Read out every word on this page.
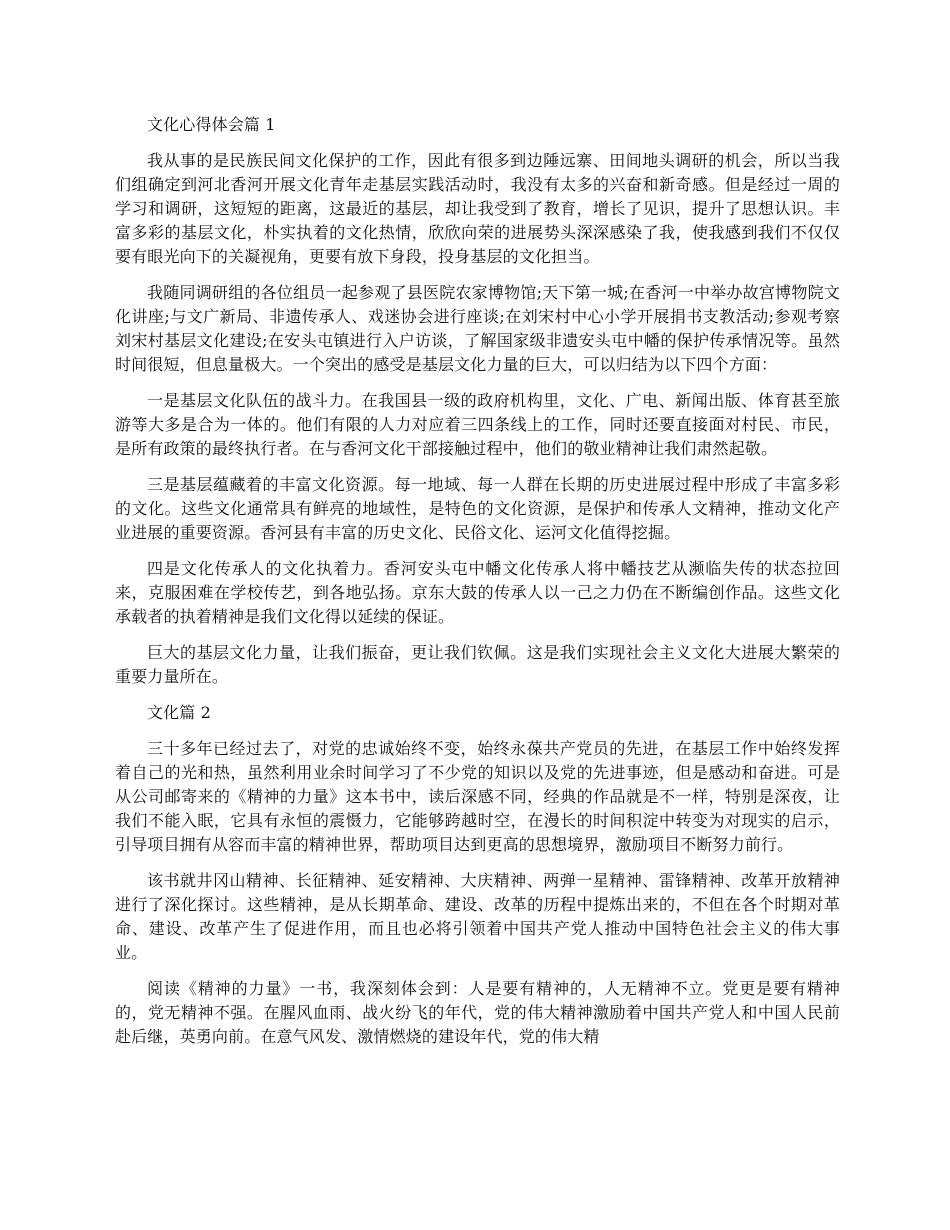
文化心得体会篇 1

我从事的是民族民间文化保护的工作，因此有很多到边陲远寨、田间地头调研的机会，所以当我们组确定到河北香河开展文化青年走基层实践活动时，我没有太多的兴奋和新奇感。但是经过一周的学习和调研，这短短的距离，这最近的基层，却让我受到了教育，增长了见识，提升了思想认识。丰富多彩的基层文化，朴实执着的文化热情，欣欣向荣的进展势头深深感染了我，使我感到我们不仅仅要有眼光向下的关凝视角，更要有放下身段，投身基层的文化担当。

我随同调研组的各位组员一起参观了县医院农家博物馆;天下第一城;在香河一中举办故宫博物院文化讲座;与文广新局、非遗传承人、戏迷协会进行座谈;在刘宋村中心小学开展捐书支教活动;参观考察刘宋村基层文化建设;在安头屯镇进行入户访谈，了解国家级非遗安头屯中幡的保护传承情况等。虽然时间很短，但息量极大。一个突出的感受是基层文化力量的巨大，可以归结为以下四个方面：

一是基层文化队伍的战斗力。在我国县一级的政府机构里，文化、广电、新闻出版、体育甚至旅游等大多是合为一体的。他们有限的人力对应着三四条线上的工作，同时还要直接面对村民、市民，是所有政策的最终执行者。在与香河文化干部接触过程中，他们的敬业精神让我们肃然起敬。

三是基层蕴藏着的丰富文化资源。每一地域、每一人群在长期的历史进展过程中形成了丰富多彩的文化。这些文化通常具有鲜亮的地域性，是特色的文化资源，是保护和传承人文精神，推动文化产业进展的重要资源。香河县有丰富的历史文化、民俗文化、运河文化值得挖掘。

四是文化传承人的文化执着力。香河安头屯中幡文化传承人将中幡技艺从濒临失传的状态拉回来，克服困难在学校传艺，到各地弘扬。京东大鼓的传承人以一己之力仍在不断编创作品。这些文化承载者的执着精神是我们文化得以延续的保证。

巨大的基层文化力量，让我们振奋，更让我们钦佩。这是我们实现社会主义文化大进展大繁荣的重要力量所在。

文化篇 2

三十多年已经过去了，对党的忠诚始终不变，始终永葆共产党员的先进，在基层工作中始终发挥着自己的光和热，虽然利用业余时间学习了不少党的知识以及党的先进事迹，但是感动和奋进。可是从公司邮寄来的《精神的力量》这本书中，读后深感不同，经典的作品就是不一样，特别是深夜，让我们不能入眠，它具有永恒的震慑力，它能够跨越时空，在漫长的时间积淀中转变为对现实的启示，引导项目拥有从容而丰富的精神世界，帮助项目达到更高的思想境界，激励项目不断努力前行。

该书就井冈山精神、长征精神、延安精神、大庆精神、两弹一星精神、雷锋精神、改革开放精神进行了深化探讨。这些精神，是从长期革命、建设、改革的历程中提炼出来的，不但在各个时期对革命、建设、改革产生了促进作用，而且也必将引领着中国共产党人推动中国特色社会主义的伟大事业。

阅读《精神的力量》一书，我深刻体会到：人是要有精神的，人无精神不立。党更是要有精神的，党无精神不强。在腥风血雨、战火纷飞的年代，党的伟大精神激励着中国共产党人和中国人民前赴后继，英勇向前。在意气风发、激情燃烧的建设年代，党的伟大精
